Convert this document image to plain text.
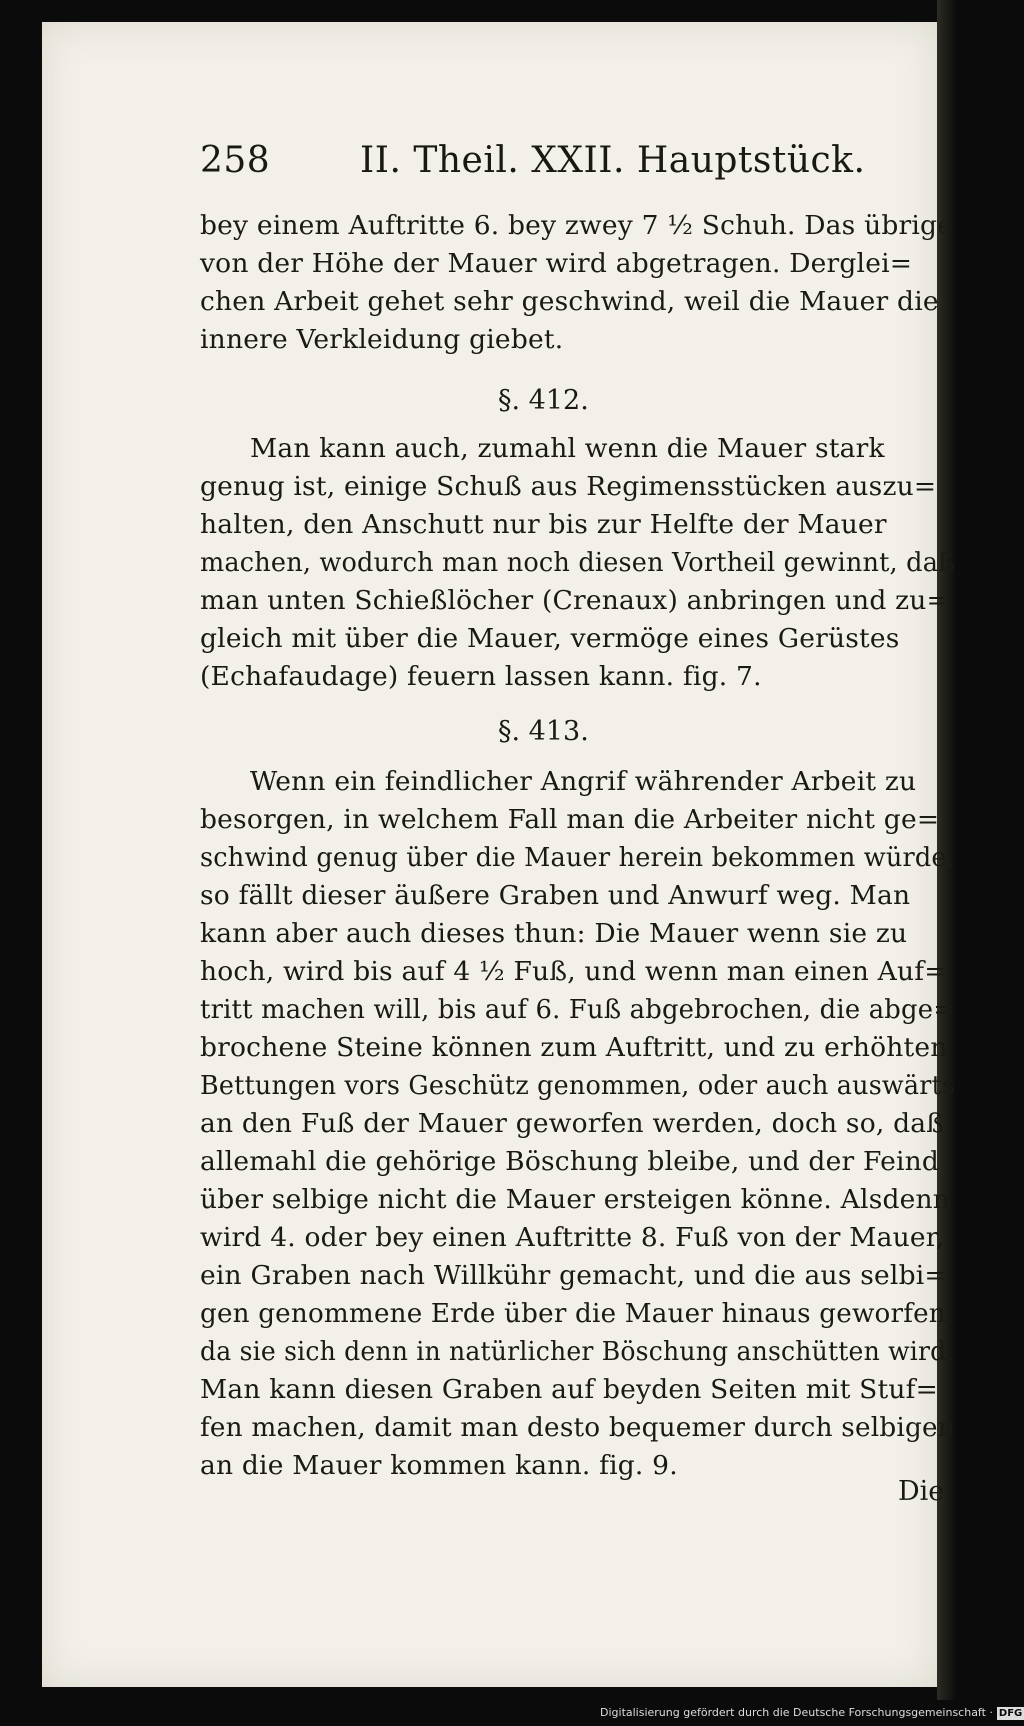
258 II. Theil. XXII. Hauptstück.
bey einem Auftritte 6. bey zwey 7 ½ Schuh. Das übrige
von der Höhe der Mauer wird abgetragen. Derglei=
chen Arbeit gehet sehr geschwind, weil die Mauer die
innere Verkleidung giebet.
§. 412.
Man kann auch, zumahl wenn die Mauer stark
genug ist, einige Schuß aus Regimensstücken auszu=
halten, den Anschutt nur bis zur Helfte der Mauer
machen, wodurch man noch diesen Vortheil gewinnt, daß
man unten Schießlöcher (Crenaux) anbringen und zu=
gleich mit über die Mauer, vermöge eines Gerüstes
(Echafaudage) feuern lassen kann. fig. 7.
§. 413.
Wenn ein feindlicher Angrif währender Arbeit zu
besorgen, in welchem Fall man die Arbeiter nicht ge=
schwind genug über die Mauer herein bekommen würde,
so fällt dieser äußere Graben und Anwurf weg. Man
kann aber auch dieses thun: Die Mauer wenn sie zu
hoch, wird bis auf 4 ½ Fuß, und wenn man einen Auf=
tritt machen will, bis auf 6. Fuß abgebrochen, die abge=
brochene Steine können zum Auftritt, und zu erhöhten
Bettungen vors Geschütz genommen, oder auch auswärts
an den Fuß der Mauer geworfen werden, doch so, daß
allemahl die gehörige Böschung bleibe, und der Feind
über selbige nicht die Mauer ersteigen könne. Alsdenn
wird 4. oder bey einen Auftritte 8. Fuß von der Mauer,
ein Graben nach Willkühr gemacht, und die aus selbi=
gen genommene Erde über die Mauer hinaus geworfen,
da sie sich denn in natürlicher Böschung anschütten wird.
Man kann diesen Graben auf beyden Seiten mit Stuf=
fen machen, damit man desto bequemer durch selbigen
an die Mauer kommen kann. fig. 9.
Die
Digitalisierung gefördert durch die Deutsche Forschungsgemeinschaft · DFG
